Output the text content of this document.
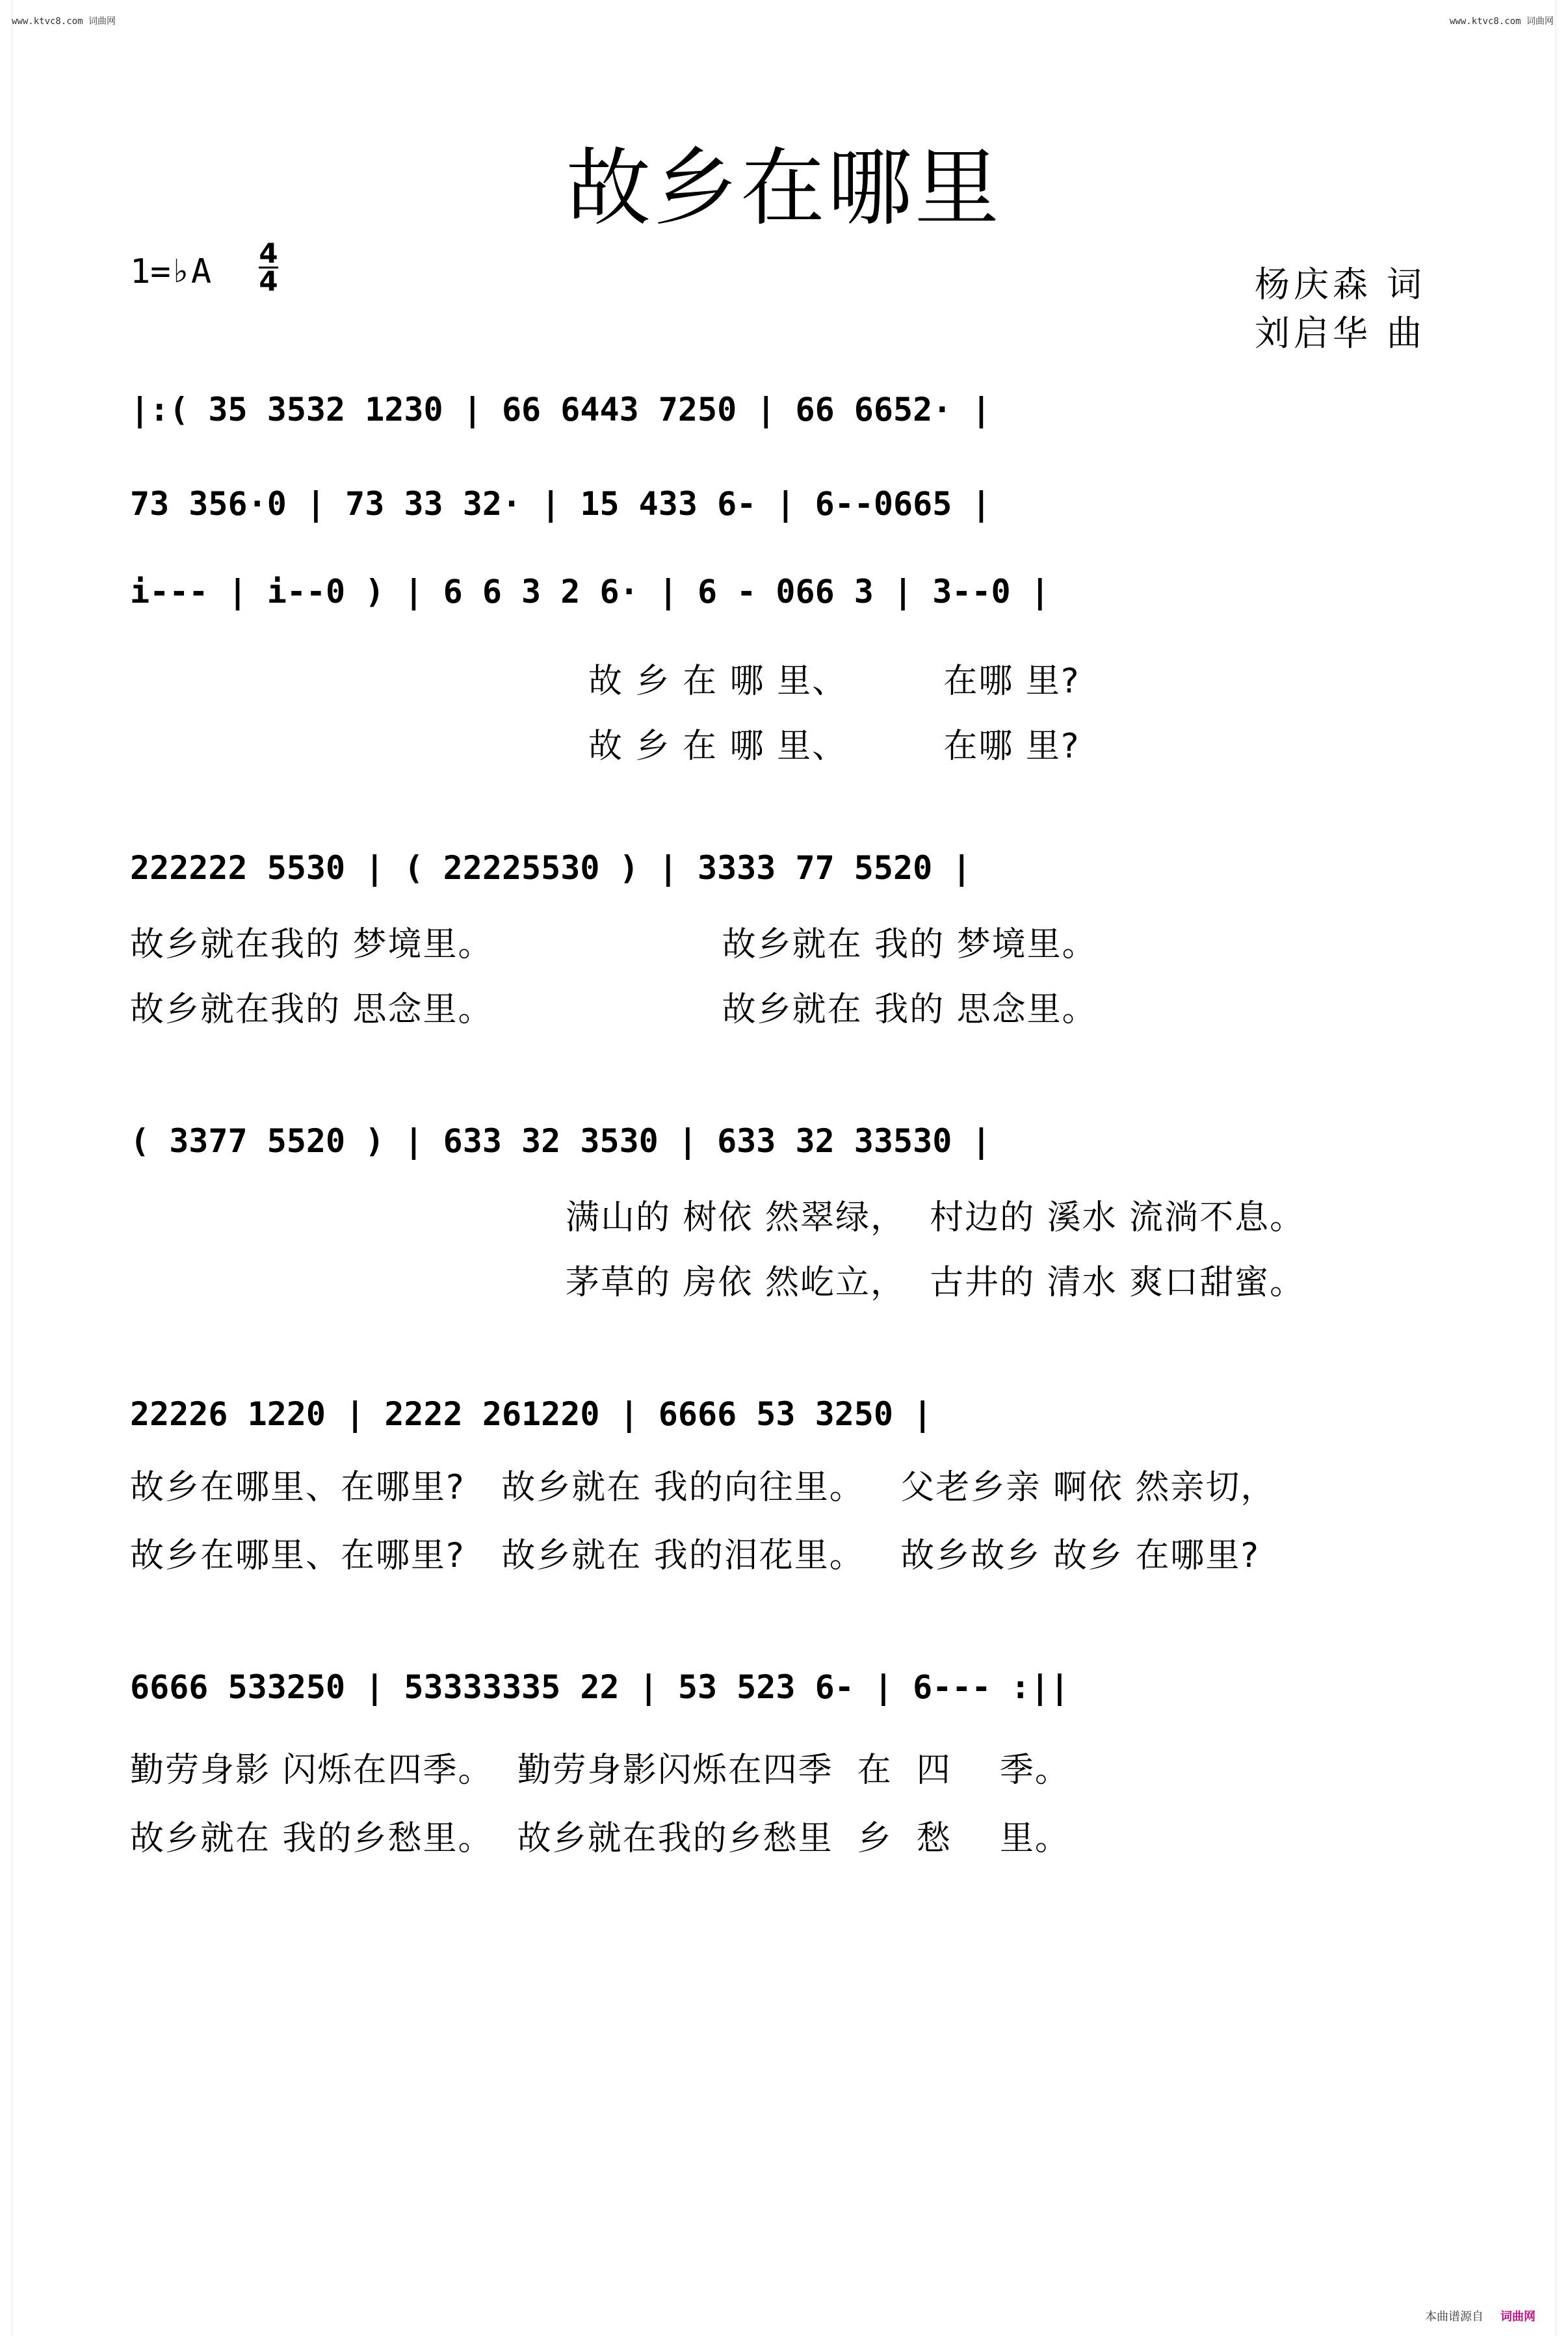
www.ktvc8.com 词曲网	www.ktvc8.com 词曲网
故乡在哪里
1=♭A 4
4	杨庆森 词
刘启华 曲
|:( 35 3532 1230 | 66 6443 7250 | 66 6652· |
73 356·0 | 73 33 32· | 15 433 6- | 6--0665 |
i--- | i--0 ) | 6 6 3 2 6· | 6 - 066 3 | 3--0 |
故 乡 在 哪 里、        在哪 里?
故 乡 在 哪 里、        在哪 里?
222222 5530 | ( 22225530 ) | 3333 77 5520 |
故乡就在我的 梦境里。                   故乡就在 我的 梦境里。
故乡就在我的 思念里。                   故乡就在 我的 思念里。
( 3377 5520 ) | 633 32 3530 | 633 32 33530 |
满山的 树依 然翠绿，  村边的 溪水 流淌不息。
茅草的 房依 然屹立，  古井的 清水 爽口甜蜜。
22226 1220 | 2222 261220 | 6666 53 3250 |
故乡在哪里、在哪里?   故乡就在 我的向往里。   父老乡亲 啊依 然亲切，
故乡在哪里、在哪里?   故乡就在 我的泪花里。   故乡故乡 故乡 在哪里?
6666 533250 | 53333335 22 | 53 523 6- | 6--- :||
勤劳身影 闪烁在四季。  勤劳身影闪烁在四季  在  四    季。
故乡就在 我的乡愁里。  故乡就在我的乡愁里  乡  愁    里。
本曲谱源自 词曲网
